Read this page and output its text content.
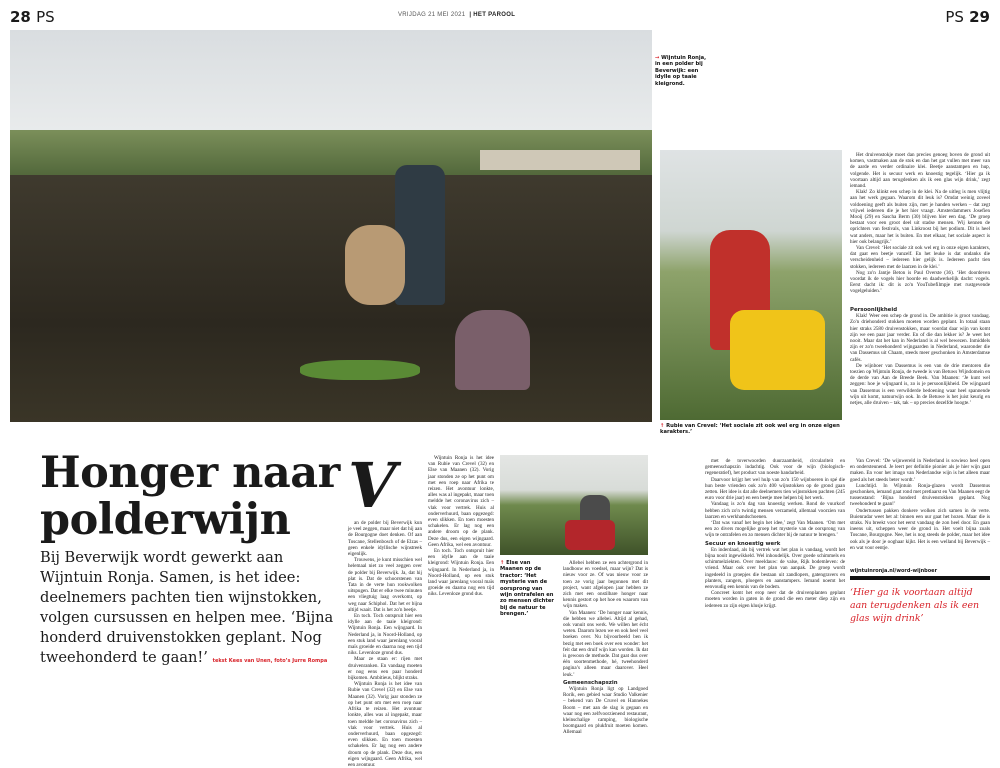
28 PS	VRIJDAG 21 MEI 2021  | HET PAROOL	PS 29
→ Wijntuin Ronja, in een polder bij Beverwijk: een idylle op taaie kleigrond.
↑ Rubie van Crevel: ‘Het sociale zit ook wel erg in onze eigen karakters.’
Honger naar
polderwijn
Bij Beverwijk wordt gewerkt aan Wijntuin Ronja. Samen, is het idee: deelnemers pachten tien wijnstokken, volgen cursussen en helpen mee. ‘Bijna honderd druivenstokken geplant. Nog tweehonderd te gaan!’ tekst Kees van Unen, foto’s Jurre Rompa
V

an de polder bij Beverwijk kun je veel zeggen, maar niet dat hij aan de Bourgogne doet denken. Of aan Toscane, Stellenbosch of de Elzas – geen enkele idyllische wijnstreek eigenlijk.

Trouwens, je kunt misschien wel helemaal niet zo veel zeggen over de polder bij Beverwijk. Ja, dat hij plat is. Dat de schoorstenen van Tata in de verte hun rookwolken uitspugen. Dat er elke twee minuten een vliegtuig laag overkomt, op weg naar Schiphol. Dat het er bijna altijd waait. Dat is het zo'n beetje.

En toch. Toch ontspruit hier een idylle aan de taaie kleigrond: Wijntuin Ronja. Een wijngaard. In Nederland ja, in Noord-Holland, op een stuk land waar jarenlang vooral maïs groeide en daarna nog een tijd niks. Levenloze grond dus.

Maar ze staan er: rijen met druivenranken. En vandaag moeten er nog eens een paar honderd bijkomen. Ambitieus, blijkt straks.

Wijntuin Ronja is het idee van Rubie van Crevel (32) en Else van Maanen (32). Vorig jaar stonden ze op het punt om met een roep naar Afrika te reizen. Het avontuur lonkte, alles was al ingepakt, maar toen meldde het coronavirus zich – vlak voor vertrek. Huis al onderverhuurd, baan opgezegd: even slikken. En toen moesten schakelen. Er lag nog een andere droom op de plank. Deze dus, een eigen wijngaard. Geen Afrika, wel een avontuur.

Wijntuin Ronja is het idee van Rubie van Crevel (32) en Else van Maanen (32). Vorig jaar stonden ze op het punt om met een roep naar Afrika te reizen. Het avontuur lonkte, alles was al ingepakt, maar toen meldde het coronavirus zich – vlak voor vertrek. Huis al onderverhuurd, baan opgezegd: even slikken. En toen moesten schakelen. Er lag nog een andere droom op de plank. Deze dus, een eigen wijngaard. Geen Afrika, wel een avontuur.

En toch. Toch ontspruit hier een idylle aan de taaie kleigrond: Wijntuin Ronja. Een wijngaard. In Nederland ja, in Noord-Holland, op een stuk land waar jarenlang vooral maïs groeide en daarna nog een tijd niks. Levenloze grond dus.

↑ Else van Maanen op de tractor: ‘Het mysterie van de oorsprong van wijn ontrafelen en zo mensen dichter bij de natuur te brengen.’

Allebei hebben ze een achtergrond in landbouw en voedsel, maar wijn? Dat is nieuw voor ze. Of was nieuw voor ze toen ze vorig jaar begonnen met dit project, want afgelopen jaar hebben ze zich met een onstilbare honger naar kennis gestort op het hoe en waarom van wijn maken.

Van Maanen: ‘De honger naar kennis, die hebben we allebei. Altijd al gehad, ook vanuit ons werk. We willen het écht weten. Daarom lezen we en ook heel veel boeken over. Nu bijvoorbeeld ben ik bezig met een boek over een wonder: het feit dat een druif wijn kan worden. Ik dat is gewoon de methode. Dat gaat dus over één soortenmethode, hé, tweehonderd pagina’s alleen maar daarover. Heel leuk.’

Gemeenschapszin

Wijntuin Ronja ligt op Landgoed Rorik, een gebied waar Studio Valkenier – bekend van De Cruvel en Hannekes Boom – met aan de slag is gegaan en waar nog een zelfvoorzienend restaurant, kleinschalige camping, biologische boomgaard en plukfruit moeten komen. Allemaal

met de toverwoorden duurzaamheid, circulariteit en gemeenschapszin indachtig. Ook voor de wijn (biologisch-regeneratief), het product van noeste handarbeid.

Daarvoor krijgt het wel hulp van zo'n 150 wijnboeren in spé die hun beste vrienden ook zo'n 400 wijnstokken op de grond gaan zetten. Het idee is dat alle deelnemers tien wijnstokken pachten (245 euro voor drie jaar) en een beetje mee helpen bij het werk.

Vandaag is zo'n dag van knoestig werken. Rond de vuurkorf hebben zich zo'n twintig mensen verzameld, allemaal voorzien van laarzen en werkhandschoenen.

‘Dat was vanaf het begin het idee,’ zegt Van Maanen. ‘Om met een zo divers mogelijke groep het mysterie van de oorsprong van wijn te ontrafelen en zo mensen dichter bij de natuur te brengen.’

Secuur en knoestig werk

En inderdaad, als bij vertrek wat het plan is vandaag, wordt het bijna nooit ingewikkeld. Wel inhoudelijk. Over goede schimmels en schimmelziekten. Over meeldauw: de valse, Rijk bodemleven: de vriend. Maar ook over het plan van aanpak. De groep wordt ingedeeld in groepjes die bestaan uit zandlopers, gatengravers en planters, zangers, ploegers en aanstampers. Iemand noemt het eenvoudig een kennis van de bodem.

Concreet komt het erop neer dat de druivenplanten geplant moeten worden in gaten in de grond die een meter diep zijn en iedereen zo zijn eigen klusje krijgt.

Het druivenstokje moet dan precies genoeg boven de grond uit komen, vastmaken aan de stok en dan het gat vullen met meer van de aarde en verder ordinaire klei. Beetje aanstampen en hup, volgende. Het is secuur werk en knoestig tegelijk. ‘Hier ga ik voortaan altijd aan terugdenken als ik een glas wijn drink,’ zegt iemand.

Klak! Zo klinkt een schep in de klei. Na de uitleg is men vlijtig aan het werk gegaan. Waarom dit leuk is? Omdat weinig zoveel voldoening geeft als buiten zijn, met je handen werken – dat zegt vrijwel iedereen die je het hier vraagt. Amsterdammers Josefien Mooij (29) en Sascha Berm (30) blijven hier een dag. ‘De groep bestaat voor een groot deel uit stadse mensen. Wij kennen de oprichters van festivals, van Linkroost bij het podium. Dit is heel wat anders, maar het is buiten. En met elkaar, het sociale aspect is hier ook belangrijk.’

Van Crevel: ‘Het sociale zit ook wel erg in onze eigen karakters, dat gaat een beetje vanzelf. En het leuke is dat ondanks die verscheidenheid – iedereen hier gelijk is. Iedereen pacht tien stokken, iedereen met de laarzen in de klei.’

Nog zo'n Jantje Beton is Paul Overste (36). ‘Het doordeven voordat ik de vogels hier hoorde en daadwerkelijk dacht: vogels. Eerst dacht ik: dit is zo'n YouTubefilmpje met rustgevende vogelgeluiden.’

Persoonlijkheid

Klak! Weer een schep de grond in. De ambitie is groot vandaag. Zo'n driehonderd stokken moeten worden geplant. In totaal staan hier straks 2580 druivenstokken, maar voordat daar wijn van komt zijn we een paar jaar verder. En of die dan lekker is? Je weet het nooit. Maar dat het kan in Nederland is al wel bewezen. Inmiddels zijn er zo'n tweehonderd wijngaarden in Nederland, waaronder die van Dassemus uit Chaam, steeds meer geschonken in Amsterdamse cafés.

De wijnboer van Dassemus is een van de drie mentoren die toezien op Wijntuin Ronja, de tweede is van Betuws Wijndomein en de derde van Aan de Breede Beek. Van Maanen: ‘Je kunt wel zeggen: hoe je wijngaard is, zo is je persoonlijkheid. De wijngaard van Dassemus is een verwilderde bedoening waar heel spannende wijn uit komt, natuurwijn ook. In de Betuwe is het juist keurig en netjes, alle druiven – tak, tak – op precies dezelfde hoogte.’

Van Crevel: ‘De wijnwereld in Nederland is sowieso heel open en ondersteunend. Je leert per definitie pionier als je hier wijn gaat maken. En voor het imago van Nederlandse wijn is het alleen maar goed als het steeds beter wordt.’

Lunchtijd. In Wijntuin Ronja-glazen wordt Dassemus geschonken, iemand gaat rond met pretlaarst en Van Maanen eegt de tussenstand: ‘Bijna honderd druivenstokken geplant. Nog tweehonderd te gaan!’

Ondertussen pakken donkere wolken zich samen in de verte. Buienradar weet het al: binnen een uur gaat het hozen. Maar die is straks. Nu breekt voor het eerst vandaag de zon heel door. En gaan ineens uit, scheppen weer de grond in. Het voelt bijna zoals Toscane, Bourgogne. Nee, het is nog steeds de polder, maar het idee ook als je door je ooghaar kijkt. Het is een welland bij Beverwijk – en wat voor eentje.

wijntuinronja.nl/word-wijnboer
‘Hier ga ik voortaan altijd aan terugdenken als ik een glas wijn drink’
